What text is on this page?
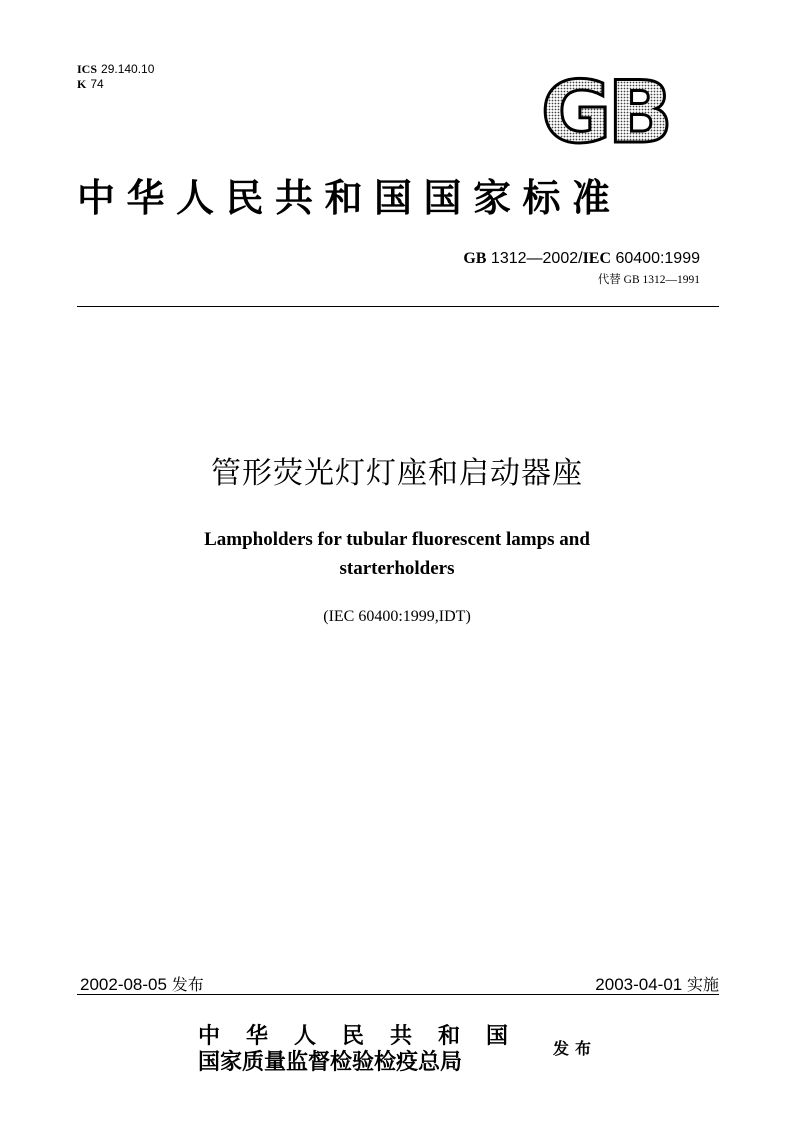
ICS 29.140.10
K 74	GB
中华人民共和国国家标准
GB 1312—2002/IEC 60400:1999
代替 GB 1312—1991
管形荧光灯灯座和启动器座
Lampholders for tubular fluorescent lamps and
starterholders
(IEC 60400:1999,IDT)
2002-08-05 发布	2003-04-01 实施
中华人民共和国
国家质量监督检验检疫总局
发布
